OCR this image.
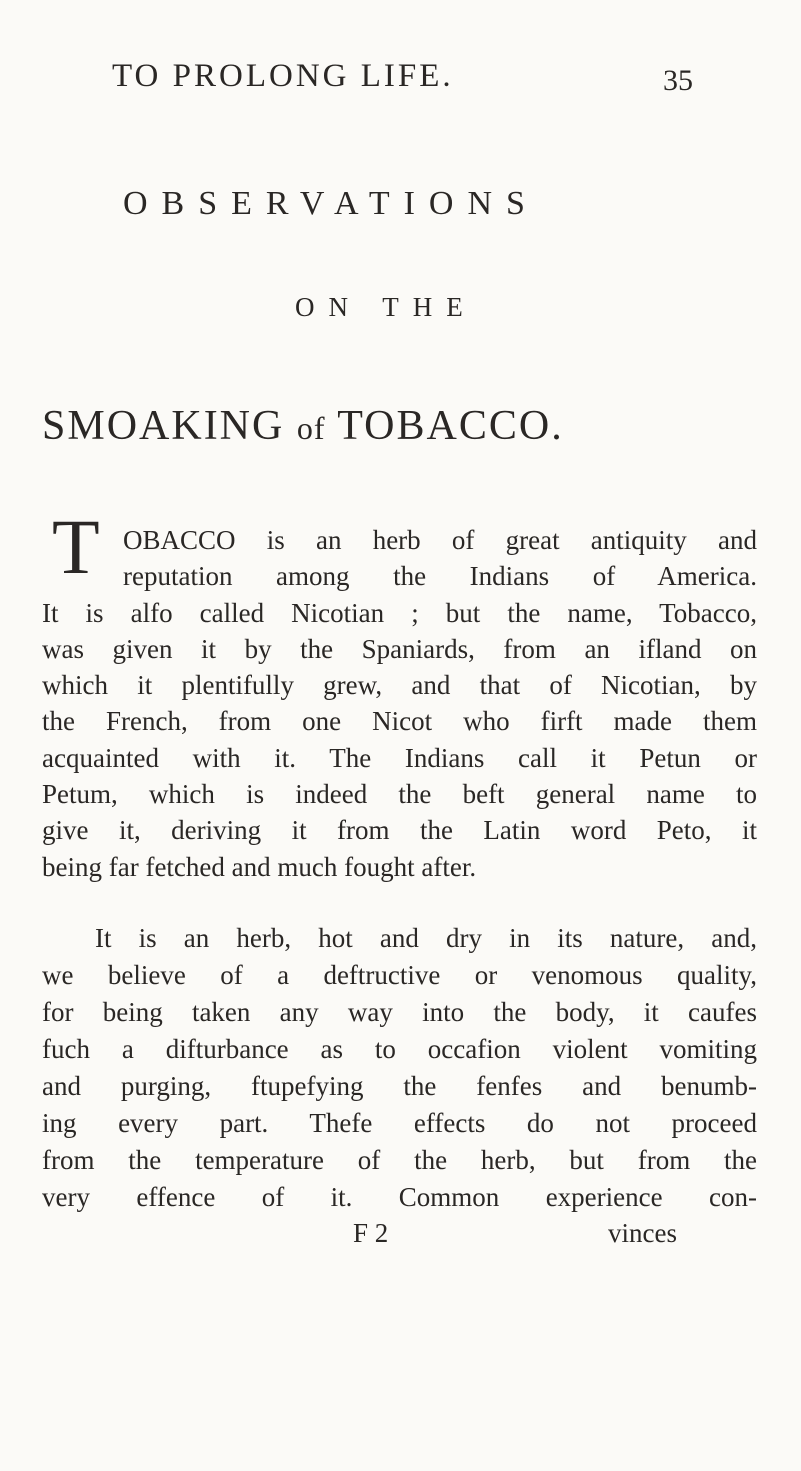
TO PROLONG LIFE.	35
OBSERVATIONS
ON THE
SMOAKING of TOBACCO.
T OBACCO is an herb of great antiquity and
reputation among the Indians of America.
It is alfo called Nicotian ; but the name, Tobacco,
was given it by the Spaniards, from an ifland on
which it plentifully grew, and that of Nicotian, by
the French, from one Nicot who firft made them
acquainted with it. The Indians call it Petun or
Petum, which is indeed the beft general name to
give it, deriving it from the Latin word Peto, it
being far fetched and much fought after.
It is an herb, hot and dry in its nature, and,
we believe of a deftructive or venomous quality,
for being taken any way into the body, it caufes
fuch a difturbance as to occafion violent vomiting
and purging, ftupefying the fenfes and benumb-
ing every part. Thefe effects do not proceed
from the temperature of the herb, but from the
very effence of it. Common experience con-
F 2	vinces
